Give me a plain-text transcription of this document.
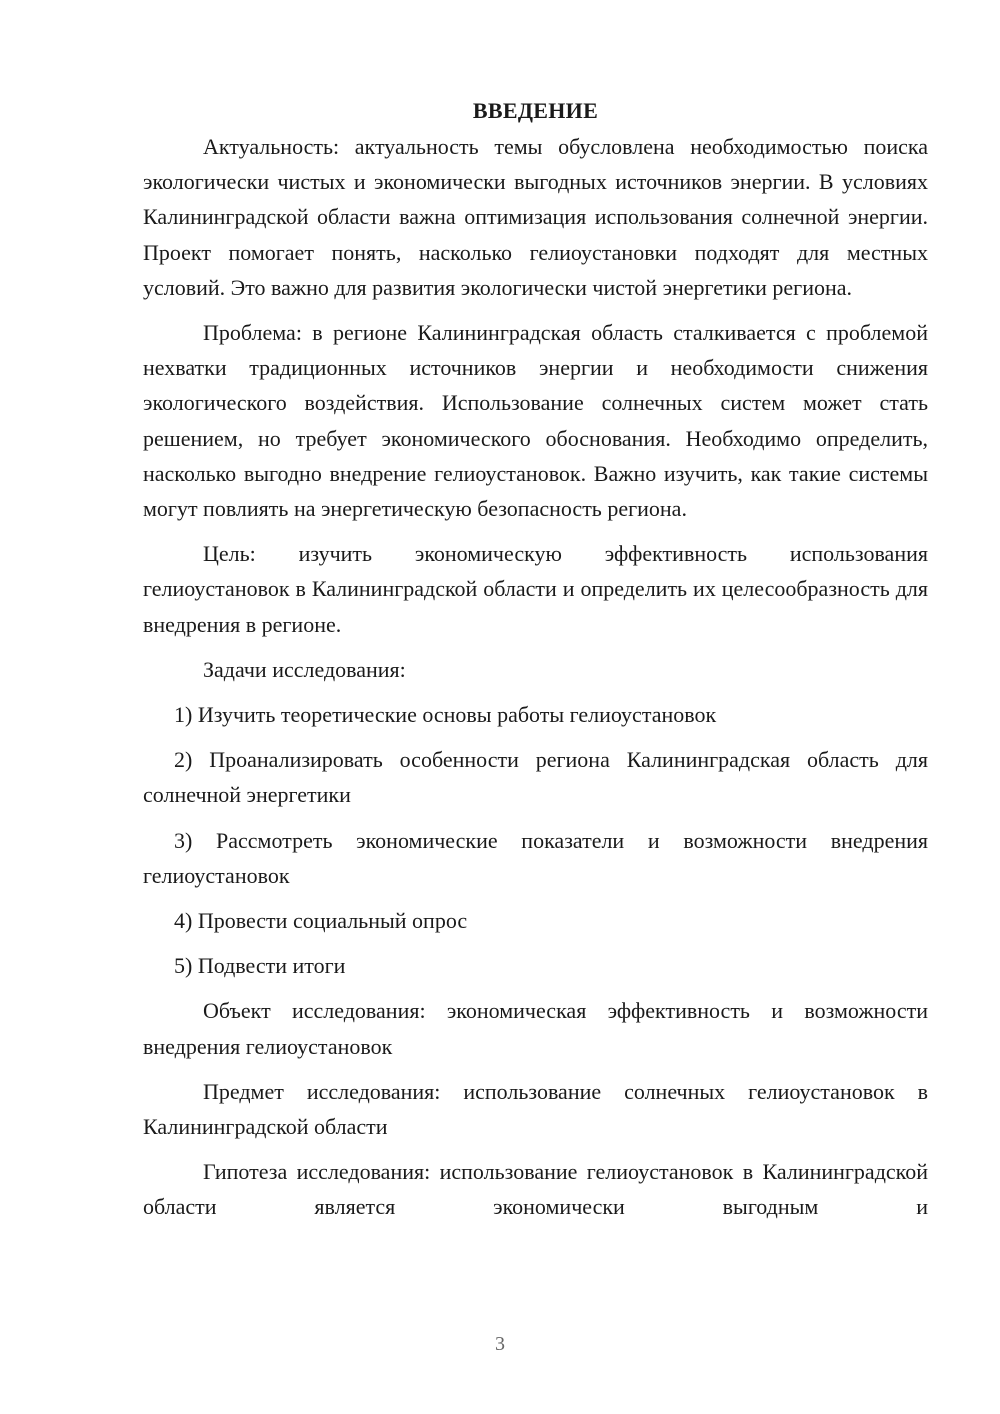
ВВЕДЕНИЕ

Актуальность: актуальность темы обусловлена необходимостью поиска экологически чистых и экономически выгодных источников энергии. В условиях Калининградской области важна оптимизация использования солнечной энергии. Проект помогает понять, насколько гелиоустановки подходят для местных условий. Это важно для развития экологически чистой энергетики региона.

Проблема: в регионе Калининградская область сталкивается с проблемой нехватки традиционных источников энергии и необходимости снижения экологического воздействия. Использование солнечных систем может стать решением, но требует экономического обоснования. Необходимо определить, насколько выгодно внедрение гелиоустановок. Важно изучить, как такие системы могут повлиять на энергетическую безопасность региона.

Цель: изучить экономическую эффективность использования гелиоустановок в Калининградской области и определить их целесообразность для внедрения в регионе.

Задачи исследования:

1) Изучить теоретические основы работы гелиоустановок

2) Проанализировать особенности региона Калининградская область для солнечной энергетики

3) Рассмотреть экономические показатели и возможности внедрения гелиоустановок

4) Провести социальный опрос

5) Подвести итоги

Объект исследования: экономическая эффективность и возможности внедрения гелиоустановок

Предмет исследования: использование солнечных гелиоустановок в Калининградской области

Гипотеза исследования: использование гелиоустановок в Калининградской области является экономически выгодным и

3
